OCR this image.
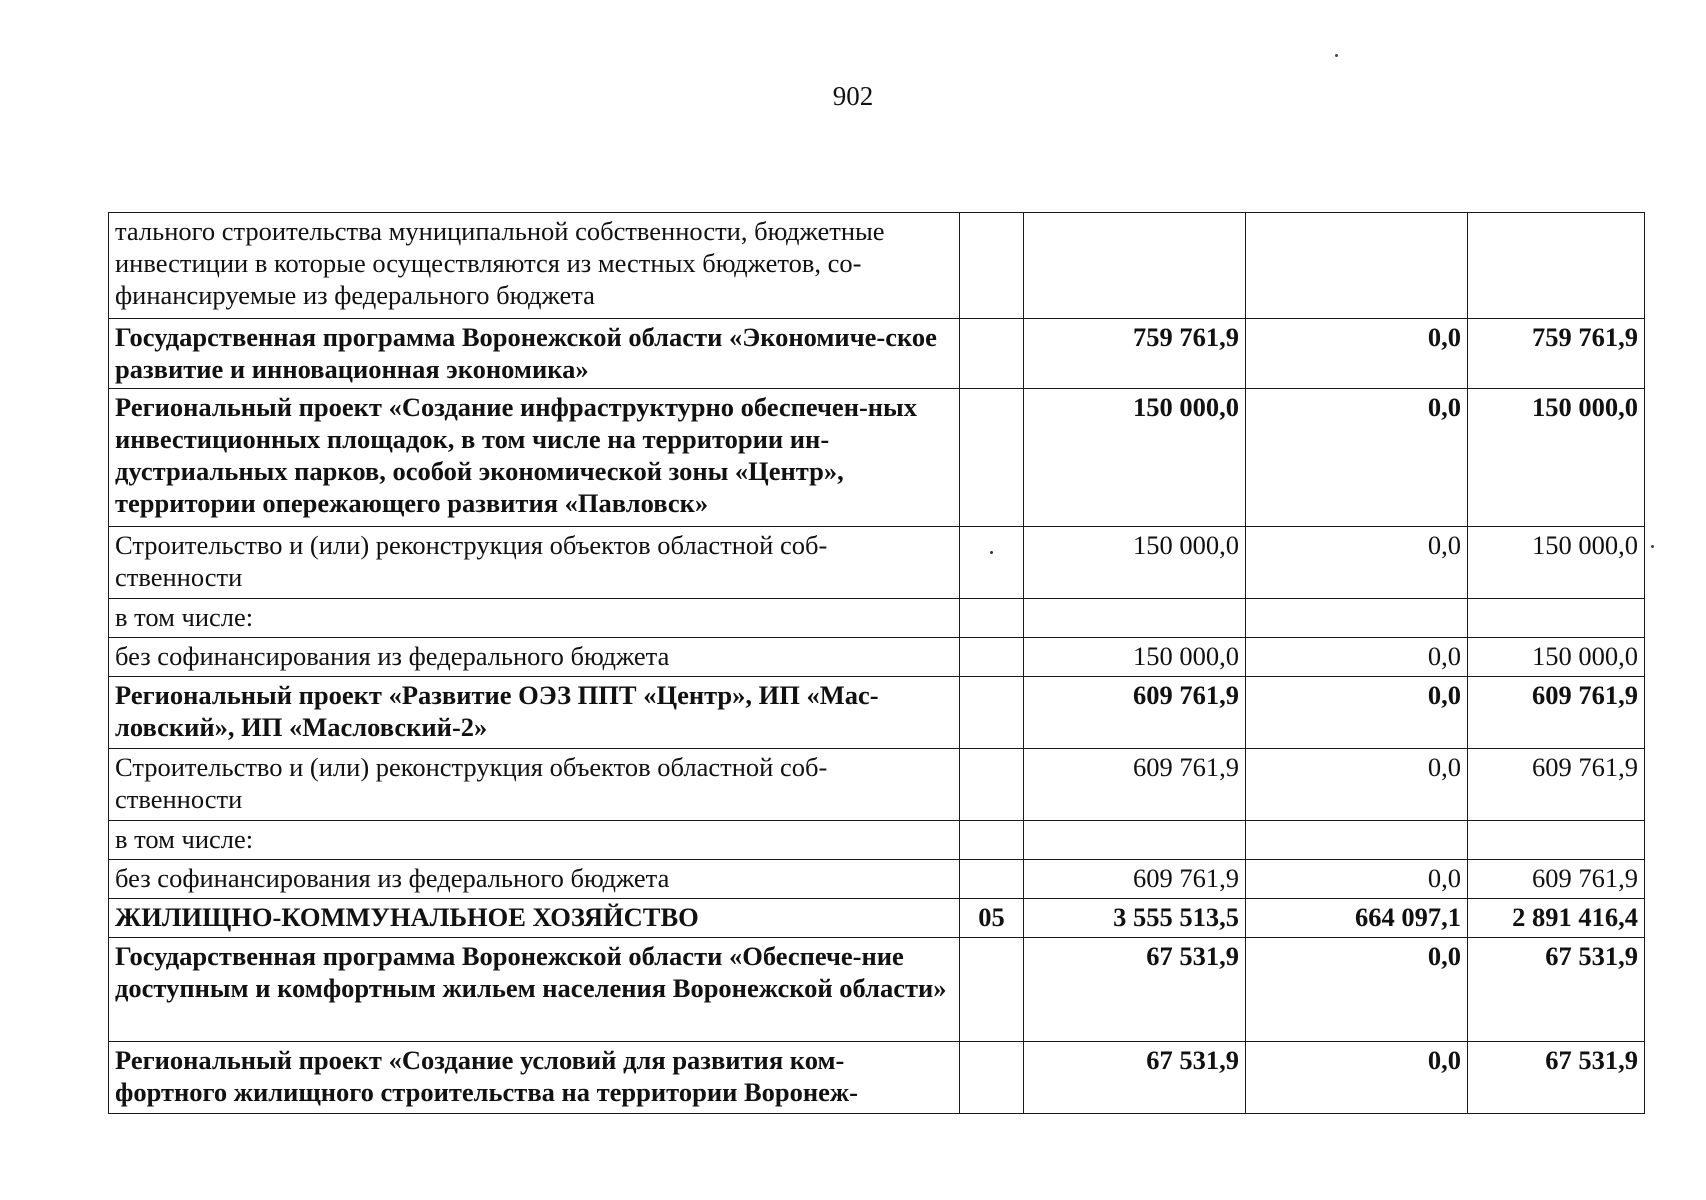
902
тального строительства муниципальной собственности, бюджетные инвестиции в которые осуществляются из местных бюджетов, со-финансируемые из федерального бюджета				
Государственная программа Воронежской области «Экономиче-ское развитие и инновационная экономика»		759 761,9	0,0	759 761,9
Региональный проект «Создание инфраструктурно обеспечен-ных инвестиционных площадок, в том числе на территории ин-дустриальных парков, особой экономической зоны «Центр», территории опережающего развития «Павловск»		150 000,0	0,0	150 000,0
Строительство и (или) реконструкция объектов областной соб-ственности		150 000,0	0,0	150 000,0
в том числе:				
без софинансирования из федерального бюджета		150 000,0	0,0	150 000,0
Региональный проект «Развитие ОЭЗ ППТ «Центр», ИП «Мас-ловский», ИП «Масловский-2»		609 761,9	0,0	609 761,9
Строительство и (или) реконструкция объектов областной соб-ственности		609 761,9	0,0	609 761,9
в том числе:				
без софинансирования из федерального бюджета		609 761,9	0,0	609 761,9
ЖИЛИЩНО-КОММУНАЛЬНОЕ ХОЗЯЙСТВО	05	3 555 513,5	664 097,1	2 891 416,4
Государственная программа Воронежской области «Обеспече-ние доступным и комфортным жильем населения Воронежской области»		67 531,9	0,0	67 531,9
Региональный проект «Создание условий для развития ком-фортного жилищного строительства на территории Воронеж-		67 531,9	0,0	67 531,9
